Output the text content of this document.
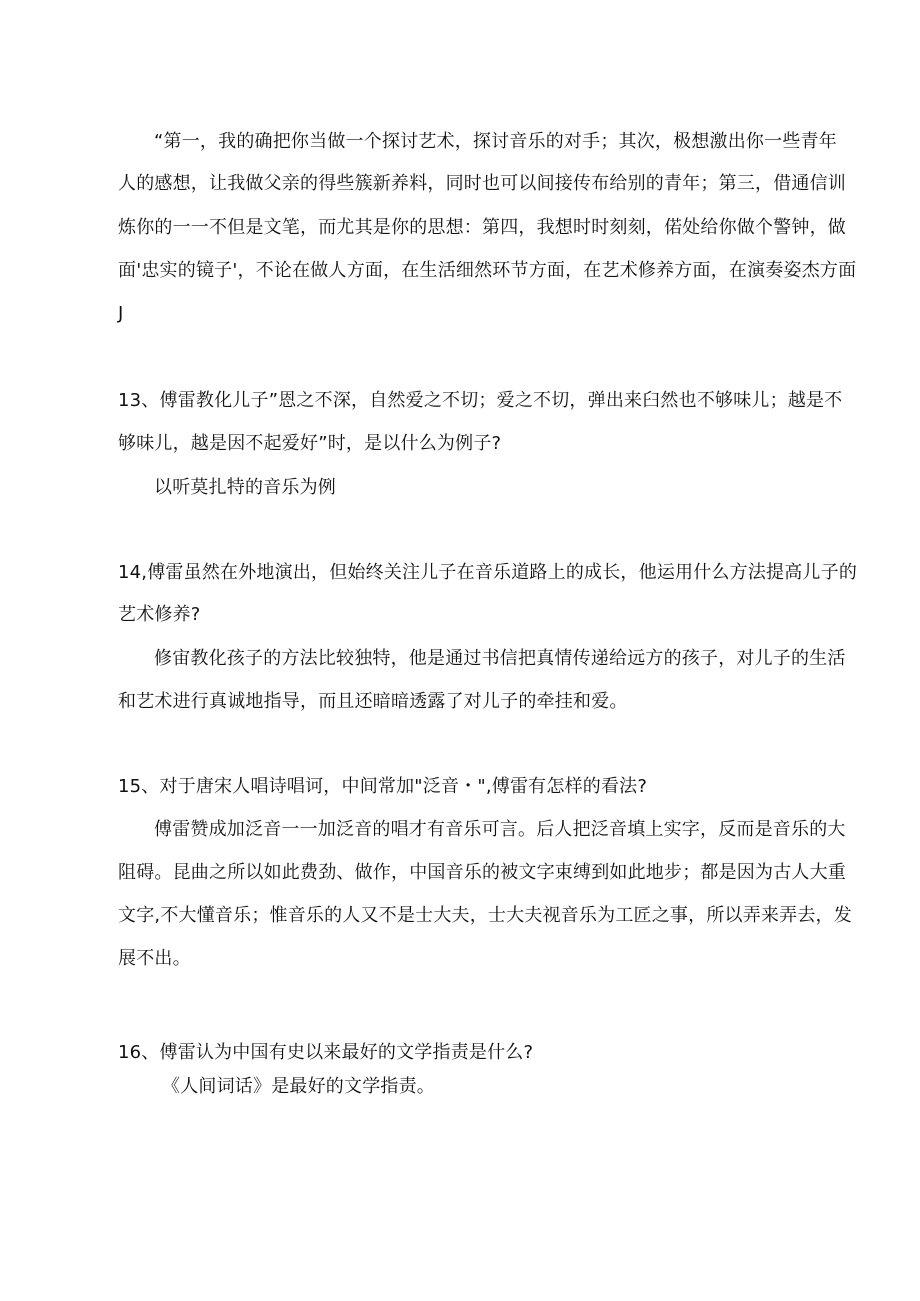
“第一，我的确把你当做一个探讨艺术，探讨音乐的对手；其次，极想激出你一些青年
人的感想，让我做父亲的得些簇新养料，同时也可以间接传布给别的青年；第三，借通信训
炼你的一一不但是文笔，而尤其是你的思想：第四，我想时时刻刻，偌处给你做个警钟，做
面'忠实的镜子'，不论在做人方面，在生活细然环节方面，在艺术修养方面，在演奏姿杰方面
J
13、傅雷教化儿子”恩之不深，自然爱之不切；爱之不切，弹出来臼然也不够味儿；越是不
够味儿，越是因不起爱好”时，是以什么为例子?
以听莫扎特的音乐为例
14,傅雷虽然在外地演出，但始终关注儿子在音乐道路上的成长，他运用什么方法提高儿子的
艺术修养?
修宙教化孩子的方法比较独特，他是通过书信把真情传递给远方的孩子，对儿子的生活
和艺术进行真诚地指导，而且还暗暗透露了对儿子的牵挂和爱。
15、对于唐宋人唱诗唱诃，中间常加"泛音・",傅雷有怎样的看法?
傅雷赞成加泛音一一加泛音的唱才有音乐可言。后人把泛音填上实字，反而是音乐的大
阻碍。昆曲之所以如此费劲、做作，中国音乐的被文字束缚到如此地步；都是因为古人大重
文字,不大懂音乐；惟音乐的人又不是士大夫，士大夫视音乐为工匠之事，所以弄来弄去，发
展不出。
16、傅雷认为中国有史以来最好的文学指责是什么?
《人间词话》是最好的文学指责。
